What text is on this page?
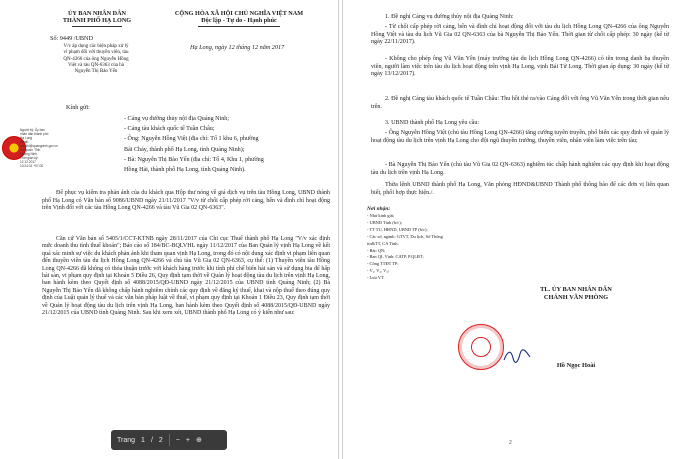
ỦY BAN NHÂN DÂN
THÀNH PHỐ HẠ LONG
CỘNG HÒA XÃ HỘI CHỦ NGHĨA VIỆT NAM
Độc lập - Tự do - Hạnh phúc
Số: 9449 /UBND
Hạ Long, ngày 12 tháng 12 năm 2017
V/v áp dụng các biện pháp xử lý
vi phạm đối với thuyền viên, tàu
QN-4266 của ông Nguyễn Hồng
Việt và tàu QN-6363 của bà
Nguyễn Thị Bảo Yến
Kính gửi:
- Cảng vụ đường thủy nội địa Quảng Ninh;
- Cảng tàu khách quốc tế Tuần Châu;
- Ông: Nguyễn Hồng Việt (địa chỉ: Tổ 1 khu 6, phường
Bãi Cháy, thành phố Hạ Long, tỉnh Quảng Ninh);
- Bà: Nguyễn Thị Bảo Yến (địa chỉ: Tổ 4, Khu 1, phường
Hồng Hải, thành phố Hạ Long, tỉnh Quảng Ninh).
Người ký: Ủy ban
nhân dân thành phố
Hạ Long
Email:
ubndhl@quangninh.gov.vn
Cơ quan: Tỉnh
Quảng Ninh
Thời gian ký:
12.12.2017
13:24:31 +07:00
Để phục vụ kiểm tra phản ánh của du khách qua Hộp thư nóng về giá dịch vụ trên tàu Hồng Long, UBND thành phố Hạ Long có Văn bản số 9086/UBND ngày 21/11/2017 "V/v từ chối cấp phép rời cảng, bến và đình chỉ hoạt động trên Vịnh đối với các tàu Hồng Long QN-4266 và tàu Vũ Gia 02 QN-6363".
Căn cứ Văn bản số 5405/1/CCT-KTNB ngày 28/11/2017 của Chi cục Thuế thành phố Hạ Long "V/v xác định mức doanh thu tính thuế khoán"; Báo cáo số 184/BC-BQLVHL ngày 11/12/2017 của Ban Quản lý vịnh Hạ Long về kết quả xác minh sự việc du khách phản ánh khi tham quan vịnh Hạ Long, trong đó có nội dung xác định vi phạm liên quan đến thuyền viên tàu du lịch Hồng Long QN-4266 và chủ tàu Vũ Gia 02 QN-6363, cụ thể: (1) Thuyền viên tàu Hồng Long QN-4266 đã không có thỏa thuận trước với khách hàng trước khi tính phí chế biến hải sản và sử dụng bia để hấp hải sản, vi phạm quy định tại Khoản 5 Điều 26, Quy định tạm thời về Quản lý hoạt động tàu du lịch trên vịnh Hạ Long, ban hành kèm theo Quyết định số 4088/2015/QĐ-UBND ngày 21/12/2015 của UBND tỉnh Quảng Ninh; (2) Bà Nguyễn Thị Bảo Yến đã không chấp hành nghiêm chỉnh các quy định về đăng ký thuế, khai và nộp thuế theo đúng quy định của Luật quản lý thuế và các văn bản pháp luật về thuế, vi phạm quy định tại Khoản 1 Điều 23, Quy định tạm thời về Quản lý hoạt động tàu du lịch trên vịnh Hạ Long, ban hành kèm theo Quyết định số 4088/2015/QĐ-UBND ngày 21/12/2015 của UBND tỉnh Quảng Ninh. Sau khi xem xét, UBND thành phố Hạ Long có ý kiến như sau:
Trang 1 / 2 − + ⊕
1. Đề nghị Cảng vụ đường thủy nội địa Quảng Ninh:
- Từ chối cấp phép rời cảng, bến và đình chỉ hoạt động đối với tàu du lịch Hồng Long QN-4266 của ông Nguyễn Hồng Việt và tàu du lịch Vũ Gia 02 QN-6363 của bà Nguyễn Thị Bảo Yến. Thời gian từ chối cấp phép: 30 ngày (kể từ ngày 22/11/2017).
- Không cho phép ông Vũ Văn Yên (máy trưởng tàu du lịch Hồng Long QN-4266) có tên trong danh bạ thuyền viên, người làm việc trên tàu du lịch hoạt động trên vịnh Hạ Long, vịnh Bái Tử Long. Thời gian áp dụng: 30 ngày (kể từ ngày 13/12/2017).
2. Đề nghị Cảng tàu khách quốc tế Tuần Châu: Thu hồi thẻ ra/vào Cảng đối với ông Vũ Văn Yên trong thời gian nêu trên.
3. UBND thành phố Hạ Long yêu cầu:
- Ông Nguyễn Hồng Việt (chủ tàu Hồng Long QN-4266) tăng cường tuyên truyền, phổ biến các quy định về quản lý hoạt động tàu du lịch trên vịnh Hạ Long cho đội ngũ thuyền trưởng, thuyền viên, nhân viên làm việc trên tàu;
- Bà Nguyễn Thị Bảo Yến (chủ tàu Vũ Gia 02 QN-6363) nghiêm túc chấp hành nghiêm các quy định khi hoạt động tàu du lịch trên vịnh Hạ Long.
Thừa lệnh UBND thành phố Hạ Long, Văn phòng HĐND&UBND Thành phố thông báo để các đơn vị liên quan biết, phối hợp thực hiện./.
Nơi nhận:
- Như kính gửi;
- UBND Tỉnh (b/c);
- TT TU, HĐND, UBND TP (b/c);
- Các sở, ngành: GTVT, Du lịch, Sở Thông
tin&TT, CA Tỉnh;
- Báo QN;
- Ban QL Vịnh; CATP, P.QLĐT;
- Công TTĐT TP;
- V₁, V₂, V₃;
- Lưu VT.
TL. ỦY BAN NHÂN DÂN
CHÁNH VĂN PHÒNG
Hồ Ngọc Hoài
2
